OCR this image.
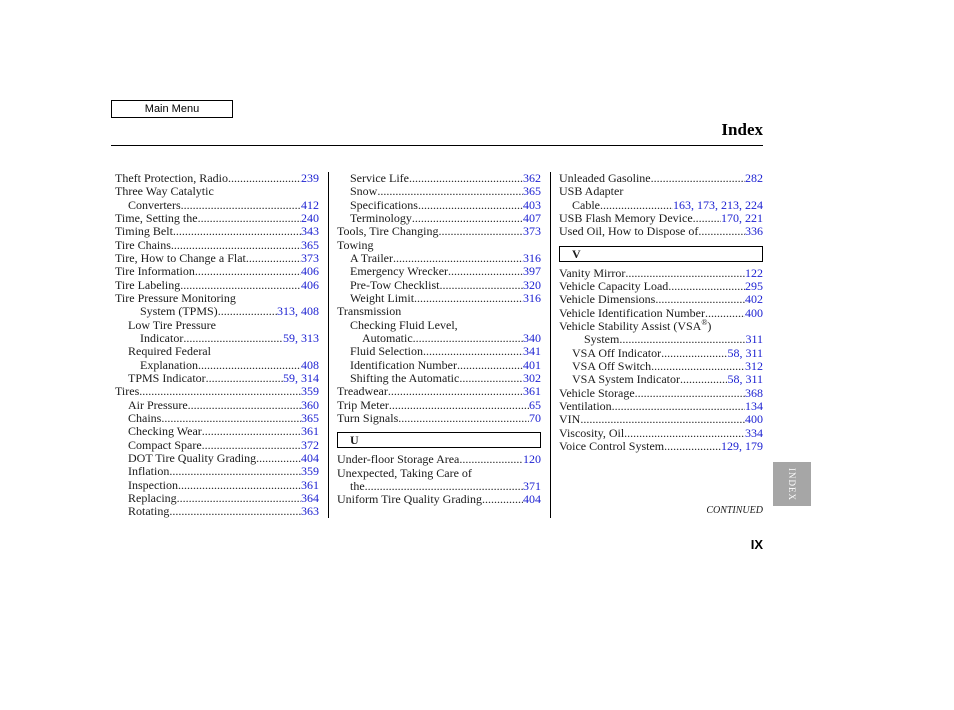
Main Menu
Index
Theft Protection, Radio .....	239
Three Way Catalytic
Converters .....	412
Time, Setting the .....	240
Timing Belt .....	343
Tire Chains .....	365
Tire, How to Change a Flat .....	373
Tire Information .....	406
Tire Labeling .....	406
Tire Pressure Monitoring
System (TPMS) .....	313, 408
Low Tire Pressure
Indicator .....	59, 313
Required Federal
Explanation .....	408
TPMS Indicator .....	59, 314
Tires .....	359
Air Pressure .....	360
Chains .....	365
Checking Wear .....	361
Compact Spare .....	372
DOT Tire Quality Grading .....	404
Inflation .....	359
Inspection .....	361
Replacing .....	364
Rotating .....	363
Service Life .....	362
Snow .....	365
Specifications .....	403
Terminology .....	407
Tools, Tire Changing .....	373
Towing
A Trailer .....	316
Emergency Wrecker .....	397
Pre-Tow Checklist .....	320
Weight Limit .....	316
Transmission
Checking Fluid Level,
Automatic .....	340
Fluid Selection .....	341
Identification Number .....	401
Shifting the Automatic .....	302
Treadwear .....	361
Trip Meter .....	65
Turn Signals .....	70
U
Under-floor Storage Area .....	120
Unexpected, Taking Care of
the .....	371
Uniform Tire Quality Grading .....	404
Unleaded Gasoline .....	282
USB Adapter
Cable .....	163, 173, 213, 224
USB Flash Memory Device ..... 170, 221
Used Oil, How to Dispose of .....	336
V
Vanity Mirror .....	122
Vehicle Capacity Load .....	295
Vehicle Dimensions .....	402
Vehicle Identification Number .....	400
Vehicle Stability Assist (VSA®)
System .....	311
VSA Off Indicator .....	58, 311
VSA Off Switch .....	312
VSA System Indicator .....	58, 311
Vehicle Storage .....	368
Ventilation .....	134
VIN .....	400
Viscosity, Oil .....	334
Voice Control System .....	129, 179
CONTINUED
IX
INDEX
